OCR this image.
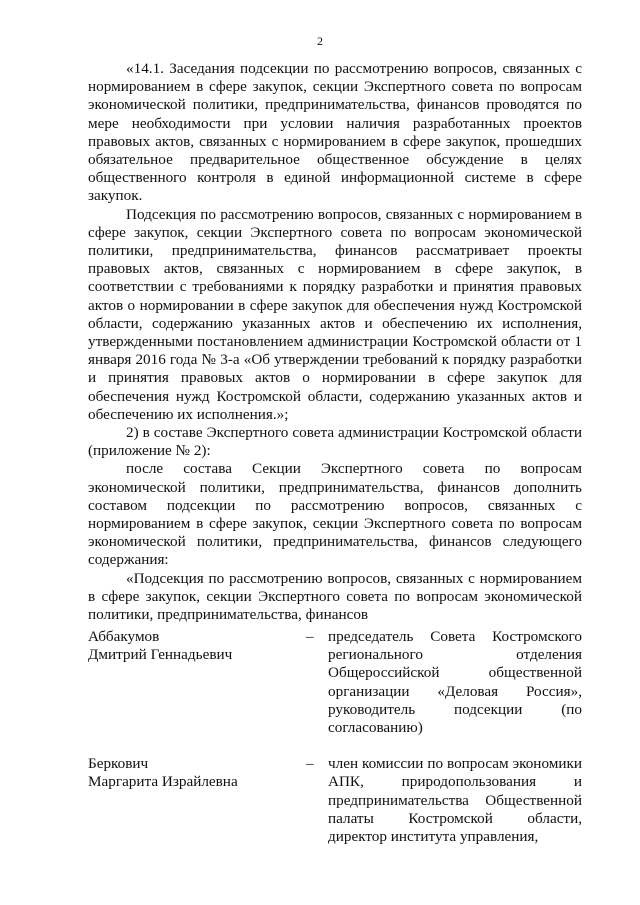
2

«14.1. Заседания подсекции по рассмотрению вопросов, связанных с нормированием в сфере закупок, секции Экспертного совета по вопросам экономической политики, предпринимательства, финансов проводятся по мере необходимости при условии наличия разработанных проектов правовых актов, связанных с нормированием в сфере закупок, прошедших обязательное предварительное общественное обсуждение в целях общественного контроля в единой информационной системе в сфере закупок.

Подсекция по рассмотрению вопросов, связанных с нормированием в сфере закупок, секции Экспертного совета по вопросам экономической политики, предпринимательства, финансов рассматривает проекты правовых актов, связанных с нормированием в сфере закупок, в соответствии с требованиями к порядку разработки и принятия правовых актов о нормировании в сфере закупок для обеспечения нужд Костромской области, содержанию указанных актов и обеспечению их исполнения, утвержденными постановлением администрации Костромской области от 1 января 2016 года № 3-а «Об утверждении требований к порядку разработки и принятия правовых актов о нормировании в сфере закупок для обеспечения нужд Костромской области, содержанию указанных актов и обеспечению их исполнения.»;

2) в составе Экспертного совета администрации Костромской области (приложение № 2):

после состава Секции Экспертного совета по вопросам экономической политики, предпринимательства, финансов дополнить составом подсекции по рассмотрению вопросов, связанных с нормированием в сфере закупок, секции Экспертного совета по вопросам экономической политики, предпринимательства, финансов следующего содержания:

«Подсекция по рассмотрению вопросов, связанных с нормированием в сфере закупок, секции Экспертного совета по вопросам экономической политики, предпринимательства, финансов

Аббакумов
Дмитрий Геннадьевич
– председатель Совета Костромского регионального отделения Общероссийской общественной организации «Деловая Россия», руководитель подсекции (по согласованию)
Беркович
Маргарита Израйлевна
– член комиссии по вопросам экономики АПК, природопользования и предпринимательства Общественной палаты Костромской области, директор института управления,
